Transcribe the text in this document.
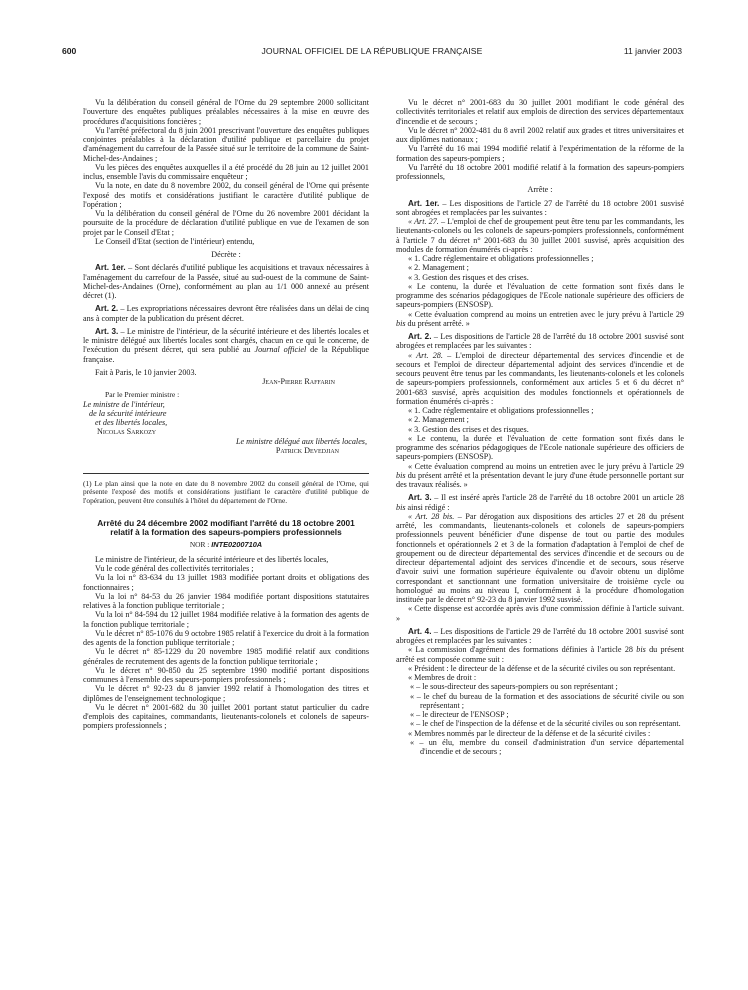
600	JOURNAL OFFICIEL DE LA RÉPUBLIQUE FRANÇAISE	11 janvier 2003

Vu la délibération du conseil général de l'Orne du 29 septembre 2000 sollicitant l'ouverture des enquêtes publiques préalables nécessaires à la mise en œuvre des procédures d'acquisitions foncières ;

Vu l'arrêté préfectoral du 8 juin 2001 prescrivant l'ouverture des enquêtes publiques conjointes préalables à la déclaration d'utilité publique et parcellaire du projet d'aménagement du carrefour de la Passée situé sur le territoire de la commune de Saint-Michel-des-Andaines ;

Vu les pièces des enquêtes auxquelles il a été procédé du 28 juin au 12 juillet 2001 inclus, ensemble l'avis du commissaire enquêteur ;

Vu la note, en date du 8 novembre 2002, du conseil général de l'Orne qui présente l'exposé des motifs et considérations justifiant le caractère d'utilité publique de l'opération ;

Vu la délibération du conseil général de l'Orne du 26 novembre 2001 décidant la poursuite de la procédure de déclaration d'utilité publique en vue de l'examen de son projet par le Conseil d'Etat ;

Le Conseil d'Etat (section de l'intérieur) entendu,

Décrète :

Art. 1er. – Sont déclarés d'utilité publique les acquisitions et travaux nécessaires à l'aménagement du carrefour de la Passée, situé au sud-ouest de la commune de Saint-Michel-des-Andaines (Orne), conformément au plan au 1/1 000 annexé au présent décret (1).

Art. 2. – Les expropriations nécessaires devront être réalisées dans un délai de cinq ans à compter de la publication du présent décret.

Art. 3. – Le ministre de l'intérieur, de la sécurité intérieure et des libertés locales et le ministre délégué aux libertés locales sont chargés, chacun en ce qui le concerne, de l'exécution du présent décret, qui sera publié au Journal officiel de la République française.

Fait à Paris, le 10 janvier 2003.

Jean-Pierre Raffarin

Par le Premier ministre :

Le ministre de l'intérieur,

de la sécurité intérieure

et des libertés locales,

Nicolas Sarkozy

Le ministre délégué aux libertés locales,

Patrick Devedjian

(1) Le plan ainsi que la note en date du 8 novembre 2002 du conseil général de l'Orne, qui présente l'exposé des motifs et considérations justifiant le caractère d'utilité publique de l'opération, peuvent être consultés à l'hôtel du département de l'Orne.
Arrêté du 24 décembre 2002 modifiant l'arrêté du 18 octobre 2001 relatif à la formation des sapeurs-pompiers professionnels
NOR : INTE0200710A

Le ministre de l'intérieur, de la sécurité intérieure et des libertés locales,

Vu le code général des collectivités territoriales ;

Vu la loi n° 83-634 du 13 juillet 1983 modifiée portant droits et obligations des fonctionnaires ;

Vu la loi n° 84-53 du 26 janvier 1984 modifiée portant dispositions statutaires relatives à la fonction publique territoriale ;

Vu la loi n° 84-594 du 12 juillet 1984 modifiée relative à la formation des agents de la fonction publique territoriale ;

Vu le décret n° 85-1076 du 9 octobre 1985 relatif à l'exercice du droit à la formation des agents de la fonction publique territoriale ;

Vu le décret n° 85-1229 du 20 novembre 1985 modifié relatif aux conditions générales de recrutement des agents de la fonction publique territoriale ;

Vu le décret n° 90-850 du 25 septembre 1990 modifié portant dispositions communes à l'ensemble des sapeurs-pompiers professionnels ;

Vu le décret n° 92-23 du 8 janvier 1992 relatif à l'homologation des titres et diplômes de l'enseignement technologique ;

Vu le décret n° 2001-682 du 30 juillet 2001 portant statut particulier du cadre d'emplois des capitaines, commandants, lieutenants-colonels et colonels de sapeurs-pompiers professionnels ;

Vu le décret n° 2001-683 du 30 juillet 2001 modifiant le code général des collectivités territoriales et relatif aux emplois de direction des services départementaux d'incendie et de secours ;

Vu le décret n° 2002-481 du 8 avril 2002 relatif aux grades et titres universitaires et aux diplômes nationaux ;

Vu l'arrêté du 16 mai 1994 modifié relatif à l'expérimentation de la réforme de la formation des sapeurs-pompiers ;

Vu l'arrêté du 18 octobre 2001 modifié relatif à la formation des sapeurs-pompiers professionnels,

Arrête :

Art. 1er. – Les dispositions de l'article 27 de l'arrêté du 18 octobre 2001 susvisé sont abrogées et remplacées par les suivantes :

« Art. 27. – L'emploi de chef de groupement peut être tenu par les commandants, les lieutenants-colonels ou les colonels de sapeurs-pompiers professionnels, conformément à l'article 7 du décret n° 2001-683 du 30 juillet 2001 susvisé, après acquisition des modules de formation énumérés ci-après :

« 1. Cadre réglementaire et obligations professionnelles ;

« 2. Management ;

« 3. Gestion des risques et des crises.

« Le contenu, la durée et l'évaluation de cette formation sont fixés dans le programme des scénarios pédagogiques de l'Ecole nationale supérieure des officiers de sapeurs-pompiers (ENSOSP).

« Cette évaluation comprend au moins un entretien avec le jury prévu à l'article 29 bis du présent arrêté. »

Art. 2. – Les dispositions de l'article 28 de l'arrêté du 18 octobre 2001 susvisé sont abrogées et remplacées par les suivantes :

« Art. 28. – L'emploi de directeur départemental des services d'incendie et de secours et l'emploi de directeur départemental adjoint des services d'incendie et de secours peuvent être tenus par les commandants, les lieutenants-colonels et les colonels de sapeurs-pompiers professionnels, conformément aux articles 5 et 6 du décret n° 2001-683 susvisé, après acquisition des modules fonctionnels et opérationnels de formation énumérés ci-après :

« 1. Cadre réglementaire et obligations professionnelles ;

« 2. Management ;

« 3. Gestion des crises et des risques.

« Le contenu, la durée et l'évaluation de cette formation sont fixés dans le programme des scénarios pédagogiques de l'Ecole nationale supérieure des officiers de sapeurs-pompiers (ENSOSP).

« Cette évaluation comprend au moins un entretien avec le jury prévu à l'article 29 bis du présent arrêté et la présentation devant le jury d'une étude personnelle portant sur des travaux réalisés. »

Art. 3. – Il est inséré après l'article 28 de l'arrêté du 18 octobre 2001 un article 28 bis ainsi rédigé :

« Art. 28 bis. – Par dérogation aux dispositions des articles 27 et 28 du présent arrêté, les commandants, lieutenants-colonels et colonels de sapeurs-pompiers professionnels peuvent bénéficier d'une dispense de tout ou partie des modules fonctionnels et opérationnels 2 et 3 de la formation d'adaptation à l'emploi de chef de groupement ou de directeur départemental des services d'incendie et de secours ou de directeur départemental adjoint des services d'incendie et de secours, sous réserve d'avoir suivi une formation supérieure équivalente ou d'avoir obtenu un diplôme correspondant et sanctionnant une formation universitaire de troisième cycle ou homologué au moins au niveau I, conformément à la procédure d'homologation instituée par le décret n° 92-23 du 8 janvier 1992 susvisé.

« Cette dispense est accordée après avis d'une commission définie à l'article suivant. »

Art. 4. – Les dispositions de l'article 29 de l'arrêté du 18 octobre 2001 susvisé sont abrogées et remplacées par les suivantes :

« La commission d'agrément des formations définies à l'article 28 bis du présent arrêté est composée comme suit :

« Président : le directeur de la défense et de la sécurité civiles ou son représentant.

« Membres de droit :

« – le sous-directeur des sapeurs-pompiers ou son représentant ;

« – le chef du bureau de la formation et des associations de sécurité civile ou son représentant ;

« – le directeur de l'ENSOSP ;

« – le chef de l'inspection de la défense et de la sécurité civiles ou son représentant.

« Membres nommés par le directeur de la défense et de la sécurité civiles :

« – un élu, membre du conseil d'administration d'un service départemental d'incendie et de secours ;
